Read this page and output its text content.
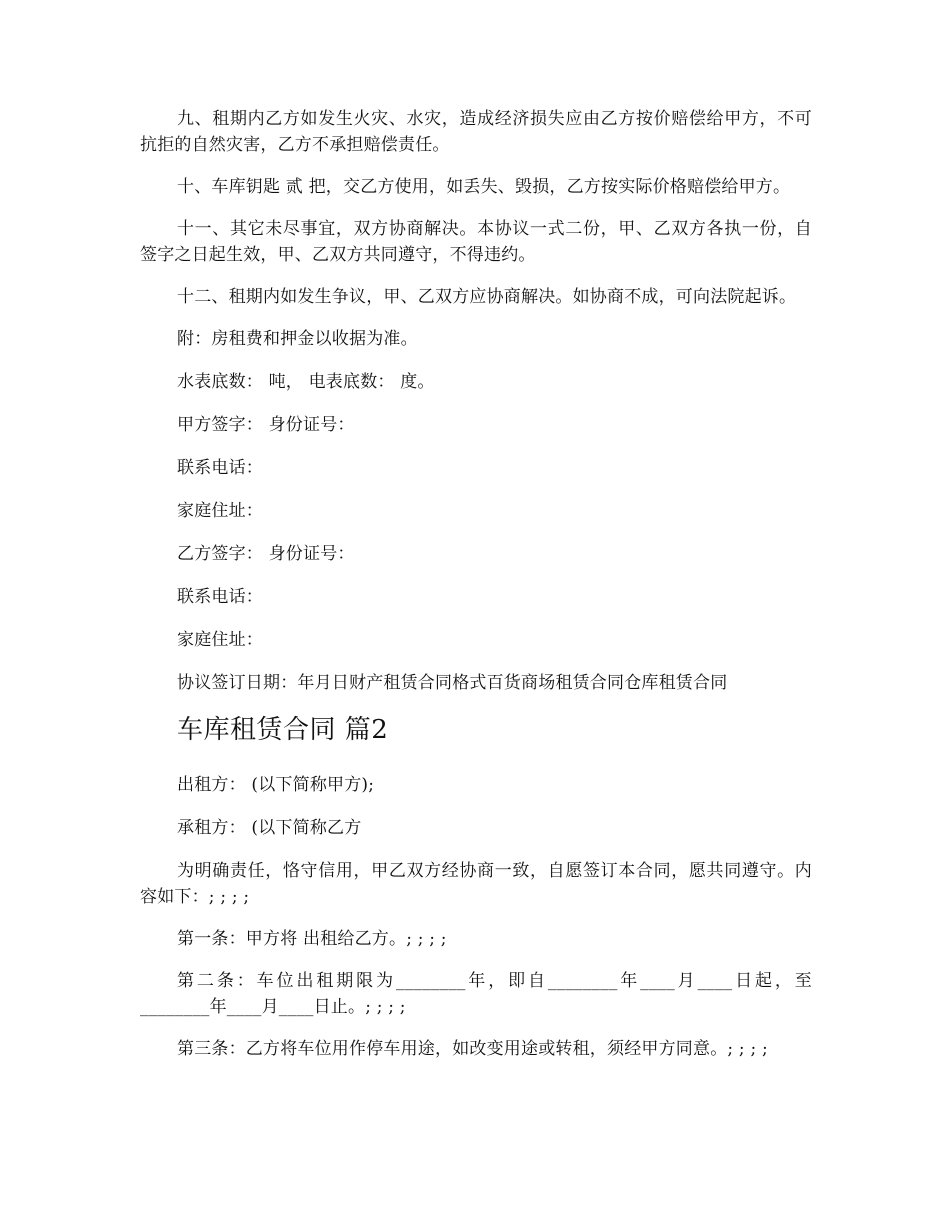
九、租期内乙方如发生火灾、水灾，造成经济损失应由乙方按价赔偿给甲方，不可抗拒的自然灾害，乙方不承担赔偿责任。

十、车库钥匙 贰 把，交乙方使用，如丢失、毁损，乙方按实际价格赔偿给甲方。

十一、其它未尽事宜，双方协商解决。本协议一式二份，甲、乙双方各执一份，自签字之日起生效，甲、乙双方共同遵守，不得违约。

十二、租期内如发生争议，甲、乙双方应协商解决。如协商不成，可向法院起诉。

附：房租费和押金以收据为准。

水表底数： 吨， 电表底数： 度。

甲方签字： 身份证号：

联系电话：

家庭住址：

乙方签字： 身份证号：

联系电话：

家庭住址：

协议签订日期：年月日财产租赁合同格式百货商场租赁合同仓库租赁合同

车库租赁合同 篇2

出租方： (以下简称甲方);

承租方： (以下简称乙方

为明确责任，恪守信用，甲乙双方经协商一致，自愿签订本合同，愿共同遵守。内容如下：; ; ; ;

第一条：甲方将 出租给乙方。; ; ; ;

第二条：车位出租期限为________年，即自________年____月____日起，至________年____月____日止。; ; ; ;

第三条：乙方将车位用作停车用途，如改变用途或转租，须经甲方同意。; ; ; ;
